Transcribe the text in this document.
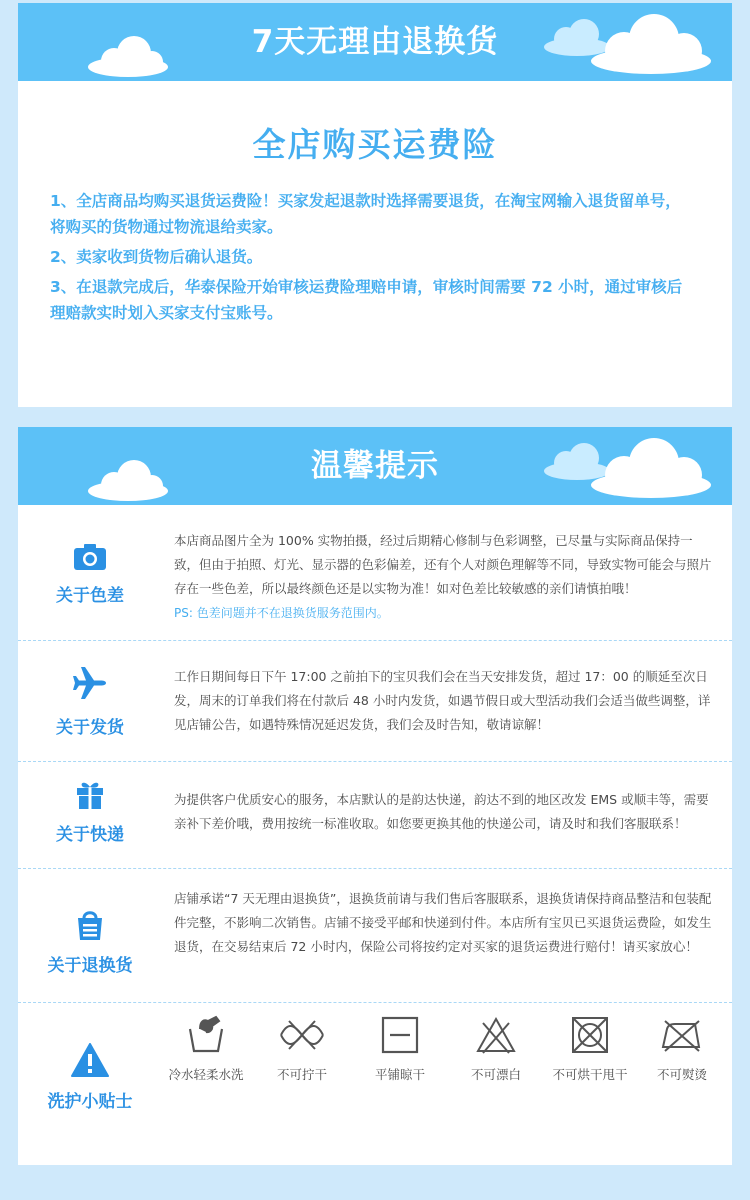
7天无理由退换货
全店购买运费险

1、全店商品均购买退货运费险！买家发起退款时选择需要退货，在淘宝网输入退货留单号，将购买的货物通过物流退给卖家。

2、卖家收到货物后确认退货。

3、在退款完成后，华泰保险开始审核运费险理赔申请，审核时间需要 72 小时，通过审核后理赔款实时划入买家支付宝账号。

温馨提示
关于色差

本店商品图片全为 100% 实物拍摄，经过后期精心修制与色彩调整，已尽量与实际商品保持一致，但由于拍照、灯光、显示器的色彩偏差，还有个人对颜色理解等不同，导致实物可能会与照片存在一些色差，所以最终颜色还是以实物为准！如对色差比较敏感的亲们请慎拍哦！

PS: 色差问题并不在退换货服务范围内。

关于发货

工作日期间每日下午 17:00 之前拍下的宝贝我们会在当天安排发货，超过 17：00 的顺延至次日发，周末的订单我们将在付款后 48 小时内发货，如遇节假日或大型活动我们会适当做些调整，详见店铺公告，如遇特殊情况延迟发货，我们会及时告知，敬请谅解！

关于快递

为提供客户优质安心的服务，本店默认的是韵达快递，韵达不到的地区改发 EMS 或顺丰等，需要亲补下差价哦，费用按统一标准收取。如您要更换其他的快递公司，请及时和我们客服联系！

关于退换货

店铺承诺“7 天无理由退换货”，退换货前请与我们售后客服联系，退换货请保持商品整洁和包装配件完整，不影响二次销售。店铺不接受平邮和快递到付件。本店所有宝贝已买退货运费险，如发生退货，在交易结束后 72 小时内，保险公司将按约定对买家的退货运费进行赔付！请买家放心！

洗护小贴士
冷水轻柔水洗	不可拧干	平铺晾干	不可漂白	不可烘干甩干	不可熨烫
